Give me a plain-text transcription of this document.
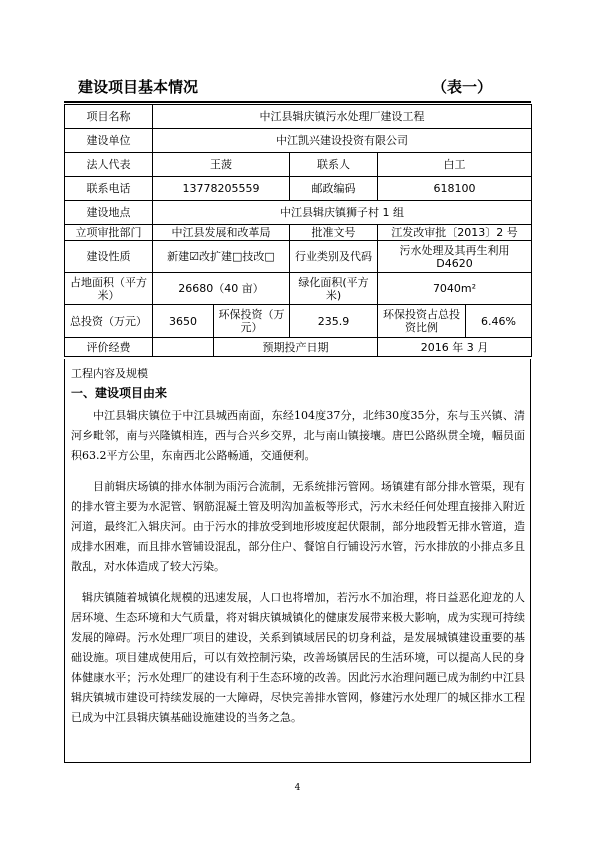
建设项目基本情况	（表一）
项目名称	中江县辑庆镇污水处理厂建设工程				
建设单位	中江凯兴建设投资有限公司				
法人代表	王菠		联系人	白工	
联系电话	13778205559		邮政编码	618100	
建设地点	中江县辑庆镇狮子村 1 组				
立项审批部门	中江县发展和改革局		批准文号	江发改审批〔2013〕2 号	
建设性质	新建☑改扩建□技改□		行业类别及代码	污水处理及其再生利用 D4620	
占地面积（平方米）	26680（40 亩）		绿化面积(平方米)	7040m²	
总投资（万元）	3650	环保投资（万元）	235.9	环保投资占总投资比例	6.46%
评价经费		预期投产日期		2016 年 3 月	
工程内容及规模
一、建设项目由来
中江县辑庆镇位于中江县城西南面，东经104度37分，北纬30度35分，东与玉兴镇、清河乡毗邻，南与兴隆镇相连，西与合兴乡交界，北与南山镇接壤。唐巴公路纵贯全境，幅员面积63.2平方公里，东南西北公路畅通，交通便利。
目前辑庆场镇的排水体制为雨污合流制，无系统排污管网。场镇建有部分排水管渠，现有的排水管主要为水泥管、钢筋混凝土管及明沟加盖板等形式，污水未经任何处理直接排入附近河道，最终汇入辑庆河。由于污水的排放受到地形坡度起伏限制，部分地段暂无排水管道，造成排水困难，而且排水管铺设混乱，部分住户、餐馆自行铺设污水管，污水排放的小排点多且散乱，对水体造成了较大污染。
辑庆镇随着城镇化规模的迅速发展，人口也将增加，若污水不加治理，将日益恶化迎龙的人居环境、生态环境和大气质量，将对辑庆镇城镇化的健康发展带来极大影响，成为实现可持续发展的障碍。污水处理厂项目的建设，关系到镇域居民的切身利益，是发展城镇建设重要的基础设施。项目建成使用后，可以有效控制污染，改善场镇居民的生活环境，可以提高人民的身体健康水平；污水处理厂的建设有利于生态环境的改善。因此污水治理问题已成为制约中江县辑庆镇城市建设可持续发展的一大障碍，尽快完善排水管网，修建污水处理厂的城区排水工程已成为中江县辑庆镇基础设施建设的当务之急。
4
